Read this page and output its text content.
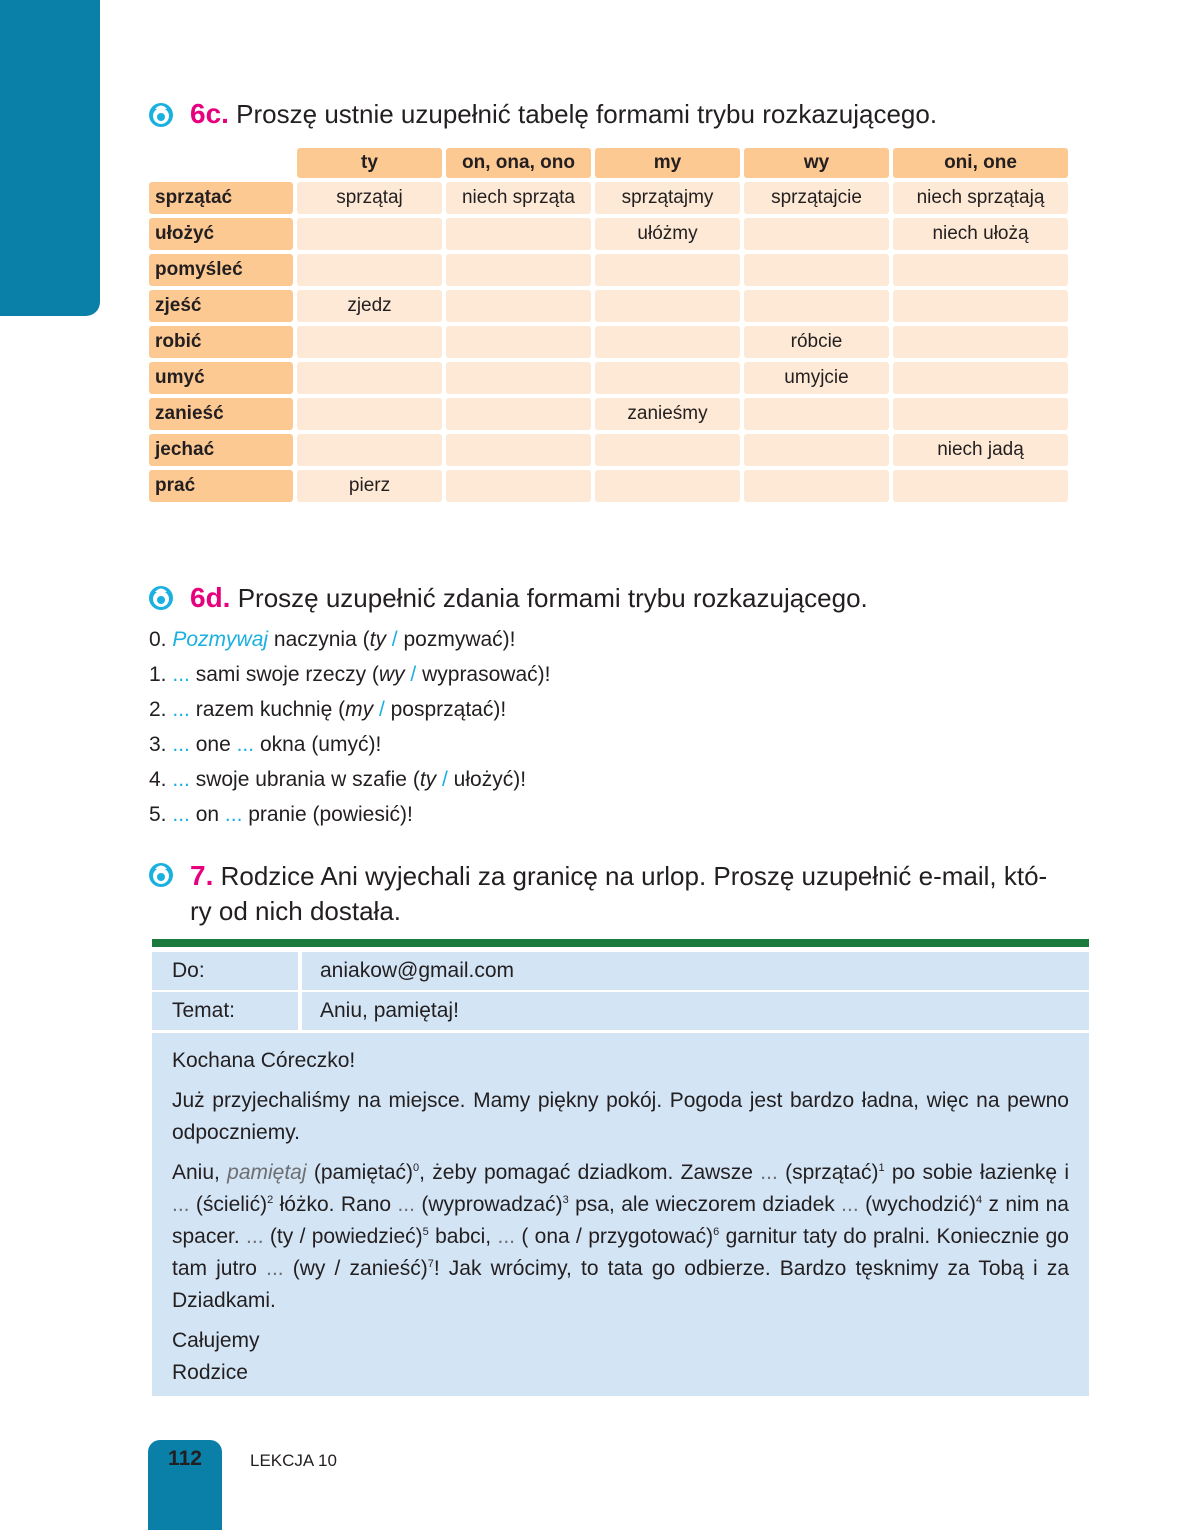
6c. Proszę ustnie uzupełnić tabelę formami trybu rozkazującego.
	ty	on, ona, ono	my	wy	oni, one
sprzątać	sprzątaj	niech sprząta	sprzątajmy	sprzątajcie	niech sprzątają
ułożyć			ułóżmy		niech ułożą
pomyśleć					
zjeść	zjedz				
robić				róbcie	
umyć				umyjcie	
zanieść			zanieśmy		
jechać					niech jadą
prać	pierz				
6d. Proszę uzupełnić zdania formami trybu rozkazującego.
0. Pozmywaj naczynia (ty / pozmywać)!
1. ... sami swoje rzeczy (wy / wyprasować)!
2. ... razem kuchnię (my / posprzątać)!
3. ... one ... okna (umyć)!
4. ... swoje ubrania w szafie (ty / ułożyć)!
5. ... on ... pranie (powiesić)!
7. Rodzice Ani wyjechali za granicę na urlop. Proszę uzupełnić e-mail, któ-
ry od nich dostała.
Do:	aniakow@gmail.com
Temat:	Aniu, pamiętaj!

Kochana Córeczko!

Już przyjechaliśmy na miejsce. Mamy piękny pokój. Pogoda jest bardzo ładna, więc na pewno odpoczniemy.

Aniu, pamiętaj (pamiętać)$^0$, żeby pomagać dziadkom. Zawsze ... (sprzątać)$^1$ po sobie łazienkę i ... (ścielić)$^2$ łóżko. Rano ... (wyprowadzać)$^3$ psa, ale wieczorem dziadek ... (wychodzić)$^4$ z nim na spacer. ... (ty / powiedzieć)$^5$ babci, ... ( ona / przygotować)$^6$ garnitur taty do pralni. Koniecznie go tam jutro ... (wy / zanieść)$^7$! Jak wrócimy, to tata go odbierze. Bardzo tęsknimy za Tobą i za Dziadkami.

Całujemy
Rodzice
112	LEKCJA 10
